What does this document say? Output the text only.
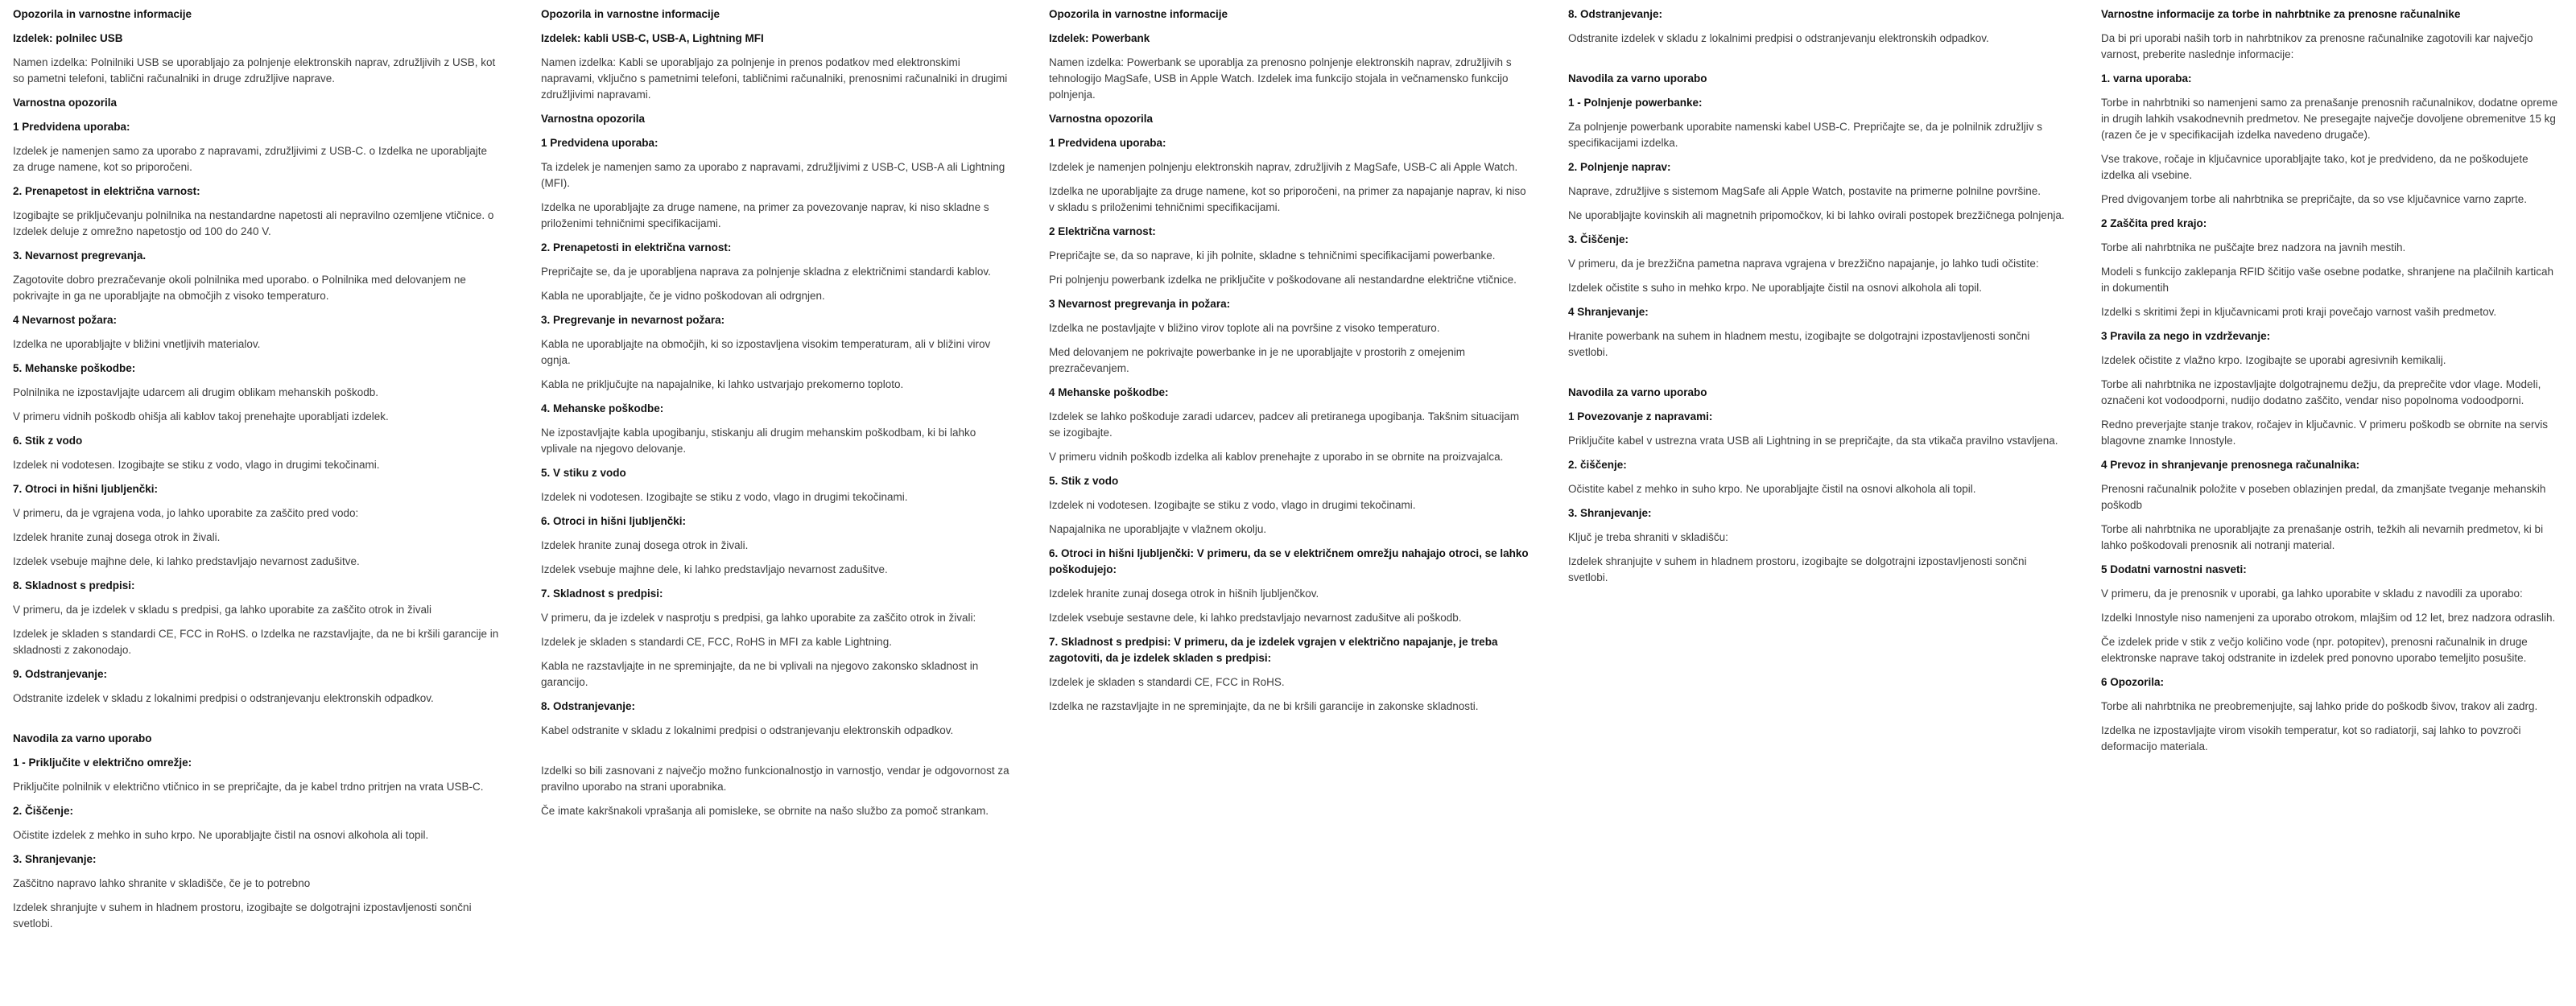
Opozorila in varnostne informacije
Izdelek: polnilec USB

Namen izdelka: Polnilniki USB se uporabljajo za polnjenje elektronskih naprav, združljivih z USB, kot so pametni telefoni, tablični računalniki in druge združljive naprave.

Varnostna opozorila
1 Predvidena uporaba:

Izdelek je namenjen samo za uporabo z napravami, združljivimi z USB-C. o Izdelka ne uporabljajte za druge namene, kot so priporočeni.

2. Prenapetost in električna varnost:

Izogibajte se priključevanju polnilnika na nestandardne napetosti ali nepravilno ozemljene vtičnice. o Izdelek deluje z omrežno napetostjo od 100 do 240 V.

3. Nevarnost pregrevanja.

Zagotovite dobro prezračevanje okoli polnilnika med uporabo. o Polnilnika med delovanjem ne pokrivajte in ga ne uporabljajte na območjih z visoko temperaturo.

4 Nevarnost požara:

Izdelka ne uporabljajte v bližini vnetljivih materialov.

5. Mehanske poškodbe:

Polnilnika ne izpostavljajte udarcem ali drugim oblikam mehanskih poškodb.

V primeru vidnih poškodb ohišja ali kablov takoj prenehajte uporabljati izdelek.

6. Stik z vodo

Izdelek ni vodotesen. Izogibajte se stiku z vodo, vlago in drugimi tekočinami.

7. Otroci in hišni ljubljenčki:

V primeru, da je vgrajena voda, jo lahko uporabite za zaščito pred vodo:

Izdelek hranite zunaj dosega otrok in živali.

Izdelek vsebuje majhne dele, ki lahko predstavljajo nevarnost zadušitve.

8. Skladnost s predpisi:

V primeru, da je izdelek v skladu s predpisi, ga lahko uporabite za zaščito otrok in živali

Izdelek je skladen s standardi CE, FCC in RoHS. o Izdelka ne razstavljajte, da ne bi kršili garancije in skladnosti z zakonodajo.

9. Odstranjevanje:

Odstranite izdelek v skladu z lokalnimi predpisi o odstranjevanju elektronskih odpadkov.

Navodila za varno uporabo
1 - Priključite v električno omrežje:

Priključite polnilnik v električno vtičnico in se prepričajte, da je kabel trdno pritrjen na vrata USB-C.

2. Čiščenje:

Očistite izdelek z mehko in suho krpo. Ne uporabljajte čistil na osnovi alkohola ali topil.

3. Shranjevanje:

Zaščitno napravo lahko shranite v skladišče, če je to potrebno

Izdelek shranjujte v suhem in hladnem prostoru, izogibajte se dolgotrajni izpostavljenosti sončni svetlobi.

Opozorila in varnostne informacije
Izdelek: kabli USB-C, USB-A, Lightning MFI

Namen izdelka: Kabli se uporabljajo za polnjenje in prenos podatkov med elektronskimi napravami, vključno s pametnimi telefoni, tabličnimi računalniki, prenosnimi računalniki in drugimi združljivimi napravami.

Varnostna opozorila
1 Predvidena uporaba:

Ta izdelek je namenjen samo za uporabo z napravami, združljivimi z USB-C, USB-A ali Lightning (MFI).

Izdelka ne uporabljajte za druge namene, na primer za povezovanje naprav, ki niso skladne s priloženimi tehničnimi specifikacijami.

2. Prenapetosti in električna varnost:

Prepričajte se, da je uporabljena naprava za polnjenje skladna z električnimi standardi kablov.

Kabla ne uporabljajte, če je vidno poškodovan ali odrgnjen.

3. Pregrevanje in nevarnost požara:

Kabla ne uporabljajte na območjih, ki so izpostavljena visokim temperaturam, ali v bližini virov ognja.

Kabla ne priključujte na napajalnike, ki lahko ustvarjajo prekomerno toploto.

4. Mehanske poškodbe:

Ne izpostavljajte kabla upogibanju, stiskanju ali drugim mehanskim poškodbam, ki bi lahko vplivale na njegovo delovanje.

5. V stiku z vodo

Izdelek ni vodotesen. Izogibajte se stiku z vodo, vlago in drugimi tekočinami.

6. Otroci in hišni ljubljenčki:

Izdelek hranite zunaj dosega otrok in živali.

Izdelek vsebuje majhne dele, ki lahko predstavljajo nevarnost zadušitve.

7. Skladnost s predpisi:

V primeru, da je izdelek v nasprotju s predpisi, ga lahko uporabite za zaščito otrok in živali:

Izdelek je skladen s standardi CE, FCC, RoHS in MFI za kable Lightning.

Kabla ne razstavljajte in ne spreminjajte, da ne bi vplivali na njegovo zakonsko skladnost in garancijo.

8. Odstranjevanje:

Kabel odstranite v skladu z lokalnimi predpisi o odstranjevanju elektronskih odpadkov.

Izdelki so bili zasnovani z največjo možno funkcionalnostjo in varnostjo, vendar je odgovornost za pravilno uporabo na strani uporabnika.

Če imate kakršnakoli vprašanja ali pomisleke, se obrnite na našo službo za pomoč strankam.

Opozorila in varnostne informacije
Izdelek: Powerbank

Namen izdelka: Powerbank se uporablja za prenosno polnjenje elektronskih naprav, združljivih s tehnologijo MagSafe, USB in Apple Watch. Izdelek ima funkcijo stojala in večnamensko funkcijo polnjenja.

Varnostna opozorila
1 Predvidena uporaba:

Izdelek je namenjen polnjenju elektronskih naprav, združljivih z MagSafe, USB-C ali Apple Watch.

Izdelka ne uporabljajte za druge namene, kot so priporočeni, na primer za napajanje naprav, ki niso v skladu s priloženimi tehničnimi specifikacijami.

2 Električna varnost:

Prepričajte se, da so naprave, ki jih polnite, skladne s tehničnimi specifikacijami powerbanke.

Pri polnjenju powerbank izdelka ne priključite v poškodovane ali nestandardne električne vtičnice.

3 Nevarnost pregrevanja in požara:

Izdelka ne postavljajte v bližino virov toplote ali na površine z visoko temperaturo.

Med delovanjem ne pokrivajte powerbanke in je ne uporabljajte v prostorih z omejenim prezračevanjem.

4 Mehanske poškodbe:

Izdelek se lahko poškoduje zaradi udarcev, padcev ali pretiranega upogibanja. Takšnim situacijam se izogibajte.

V primeru vidnih poškodb izdelka ali kablov prenehajte z uporabo in se obrnite na proizvajalca.

5. Stik z vodo

Izdelek ni vodotesen. Izogibajte se stiku z vodo, vlago in drugimi tekočinami.

Napajalnika ne uporabljajte v vlažnem okolju.

6. Otroci in hišni ljubljenčki: V primeru, da se v električnem omrežju nahajajo otroci, se lahko poškodujejo:

Izdelek hranite zunaj dosega otrok in hišnih ljubljenčkov.

Izdelek vsebuje sestavne dele, ki lahko predstavljajo nevarnost zadušitve ali poškodb.

7. Skladnost s predpisi: V primeru, da je izdelek vgrajen v električno napajanje, je treba zagotoviti, da je izdelek skladen s predpisi:

Izdelek je skladen s standardi CE, FCC in RoHS.

Izdelka ne razstavljajte in ne spreminjajte, da ne bi kršili garancije in zakonske skladnosti.

8. Odstranjevanje:

Odstranite izdelek v skladu z lokalnimi predpisi o odstranjevanju elektronskih odpadkov.

Navodila za varno uporabo
1 - Polnjenje powerbanke:

Za polnjenje powerbank uporabite namenski kabel USB-C. Prepričajte se, da je polnilnik združljiv s specifikacijami izdelka.

2. Polnjenje naprav:

Naprave, združljive s sistemom MagSafe ali Apple Watch, postavite na primerne polnilne površine.

Ne uporabljajte kovinskih ali magnetnih pripomočkov, ki bi lahko ovirali postopek brezžičnega polnjenja.

3. Čiščenje:

V primeru, da je brezžična pametna naprava vgrajena v brezžično napajanje, jo lahko tudi očistite:

Izdelek očistite s suho in mehko krpo. Ne uporabljajte čistil na osnovi alkohola ali topil.

4 Shranjevanje:

Hranite powerbank na suhem in hladnem mestu, izogibajte se dolgotrajni izpostavljenosti sončni svetlobi.

Navodila za varno uporabo
1 Povezovanje z napravami:

Priključite kabel v ustrezna vrata USB ali Lightning in se prepričajte, da sta vtikača pravilno vstavljena.

2. čiščenje:

Očistite kabel z mehko in suho krpo. Ne uporabljajte čistil na osnovi alkohola ali topil.

3. Shranjevanje:

Ključ je treba shraniti v skladišču:

Izdelek shranjujte v suhem in hladnem prostoru, izogibajte se dolgotrajni izpostavljenosti sončni svetlobi.

Varnostne informacije za torbe in nahrbtnike za prenosne računalnike

Da bi pri uporabi naših torb in nahrbtnikov za prenosne računalnike zagotovili kar največjo varnost, preberite naslednje informacije:

1. varna uporaba:

Torbe in nahrbtniki so namenjeni samo za prenašanje prenosnih računalnikov, dodatne opreme in drugih lahkih vsakodnevnih predmetov. Ne presegajte največje dovoljene obremenitve 15 kg (razen če je v specifikacijah izdelka navedeno drugače).

Vse trakove, ročaje in ključavnice uporabljajte tako, kot je predvideno, da ne poškodujete izdelka ali vsebine.

Pred dvigovanjem torbe ali nahrbtnika se prepričajte, da so vse ključavnice varno zaprte.

2 Zaščita pred krajo:

Torbe ali nahrbtnika ne puščajte brez nadzora na javnih mestih.

Modeli s funkcijo zaklepanja RFID ščitijo vaše osebne podatke, shranjene na plačilnih karticah in dokumentih

Izdelki s skritimi žepi in ključavnicami proti kraji povečajo varnost vaših predmetov.

3 Pravila za nego in vzdrževanje:

Izdelek očistite z vlažno krpo. Izogibajte se uporabi agresivnih kemikalij.

Torbe ali nahrbtnika ne izpostavljajte dolgotrajnemu dežju, da preprečite vdor vlage. Modeli, označeni kot vodoodporni, nudijo dodatno zaščito, vendar niso popolnoma vodoodporni.

Redno preverjajte stanje trakov, ročajev in ključavnic. V primeru poškodb se obrnite na servis blagovne znamke Innostyle.

4 Prevoz in shranjevanje prenosnega računalnika:

Prenosni računalnik položite v poseben oblazinjen predal, da zmanjšate tveganje mehanskih poškodb

Torbe ali nahrbtnika ne uporabljajte za prenašanje ostrih, težkih ali nevarnih predmetov, ki bi lahko poškodovali prenosnik ali notranji material.

5 Dodatni varnostni nasveti:

V primeru, da je prenosnik v uporabi, ga lahko uporabite v skladu z navodili za uporabo:

Izdelki Innostyle niso namenjeni za uporabo otrokom, mlajšim od 12 let, brez nadzora odraslih.

Če izdelek pride v stik z večjo količino vode (npr. potopitev), prenosni računalnik in druge elektronske naprave takoj odstranite in izdelek pred ponovno uporabo temeljito posušite.

6 Opozorila:

Torbe ali nahrbtnika ne preobremenjujte, saj lahko pride do poškodb šivov, trakov ali zadrg.

Izdelka ne izpostavljajte virom visokih temperatur, kot so radiatorji, saj lahko to povzroči deformacijo materiala.
